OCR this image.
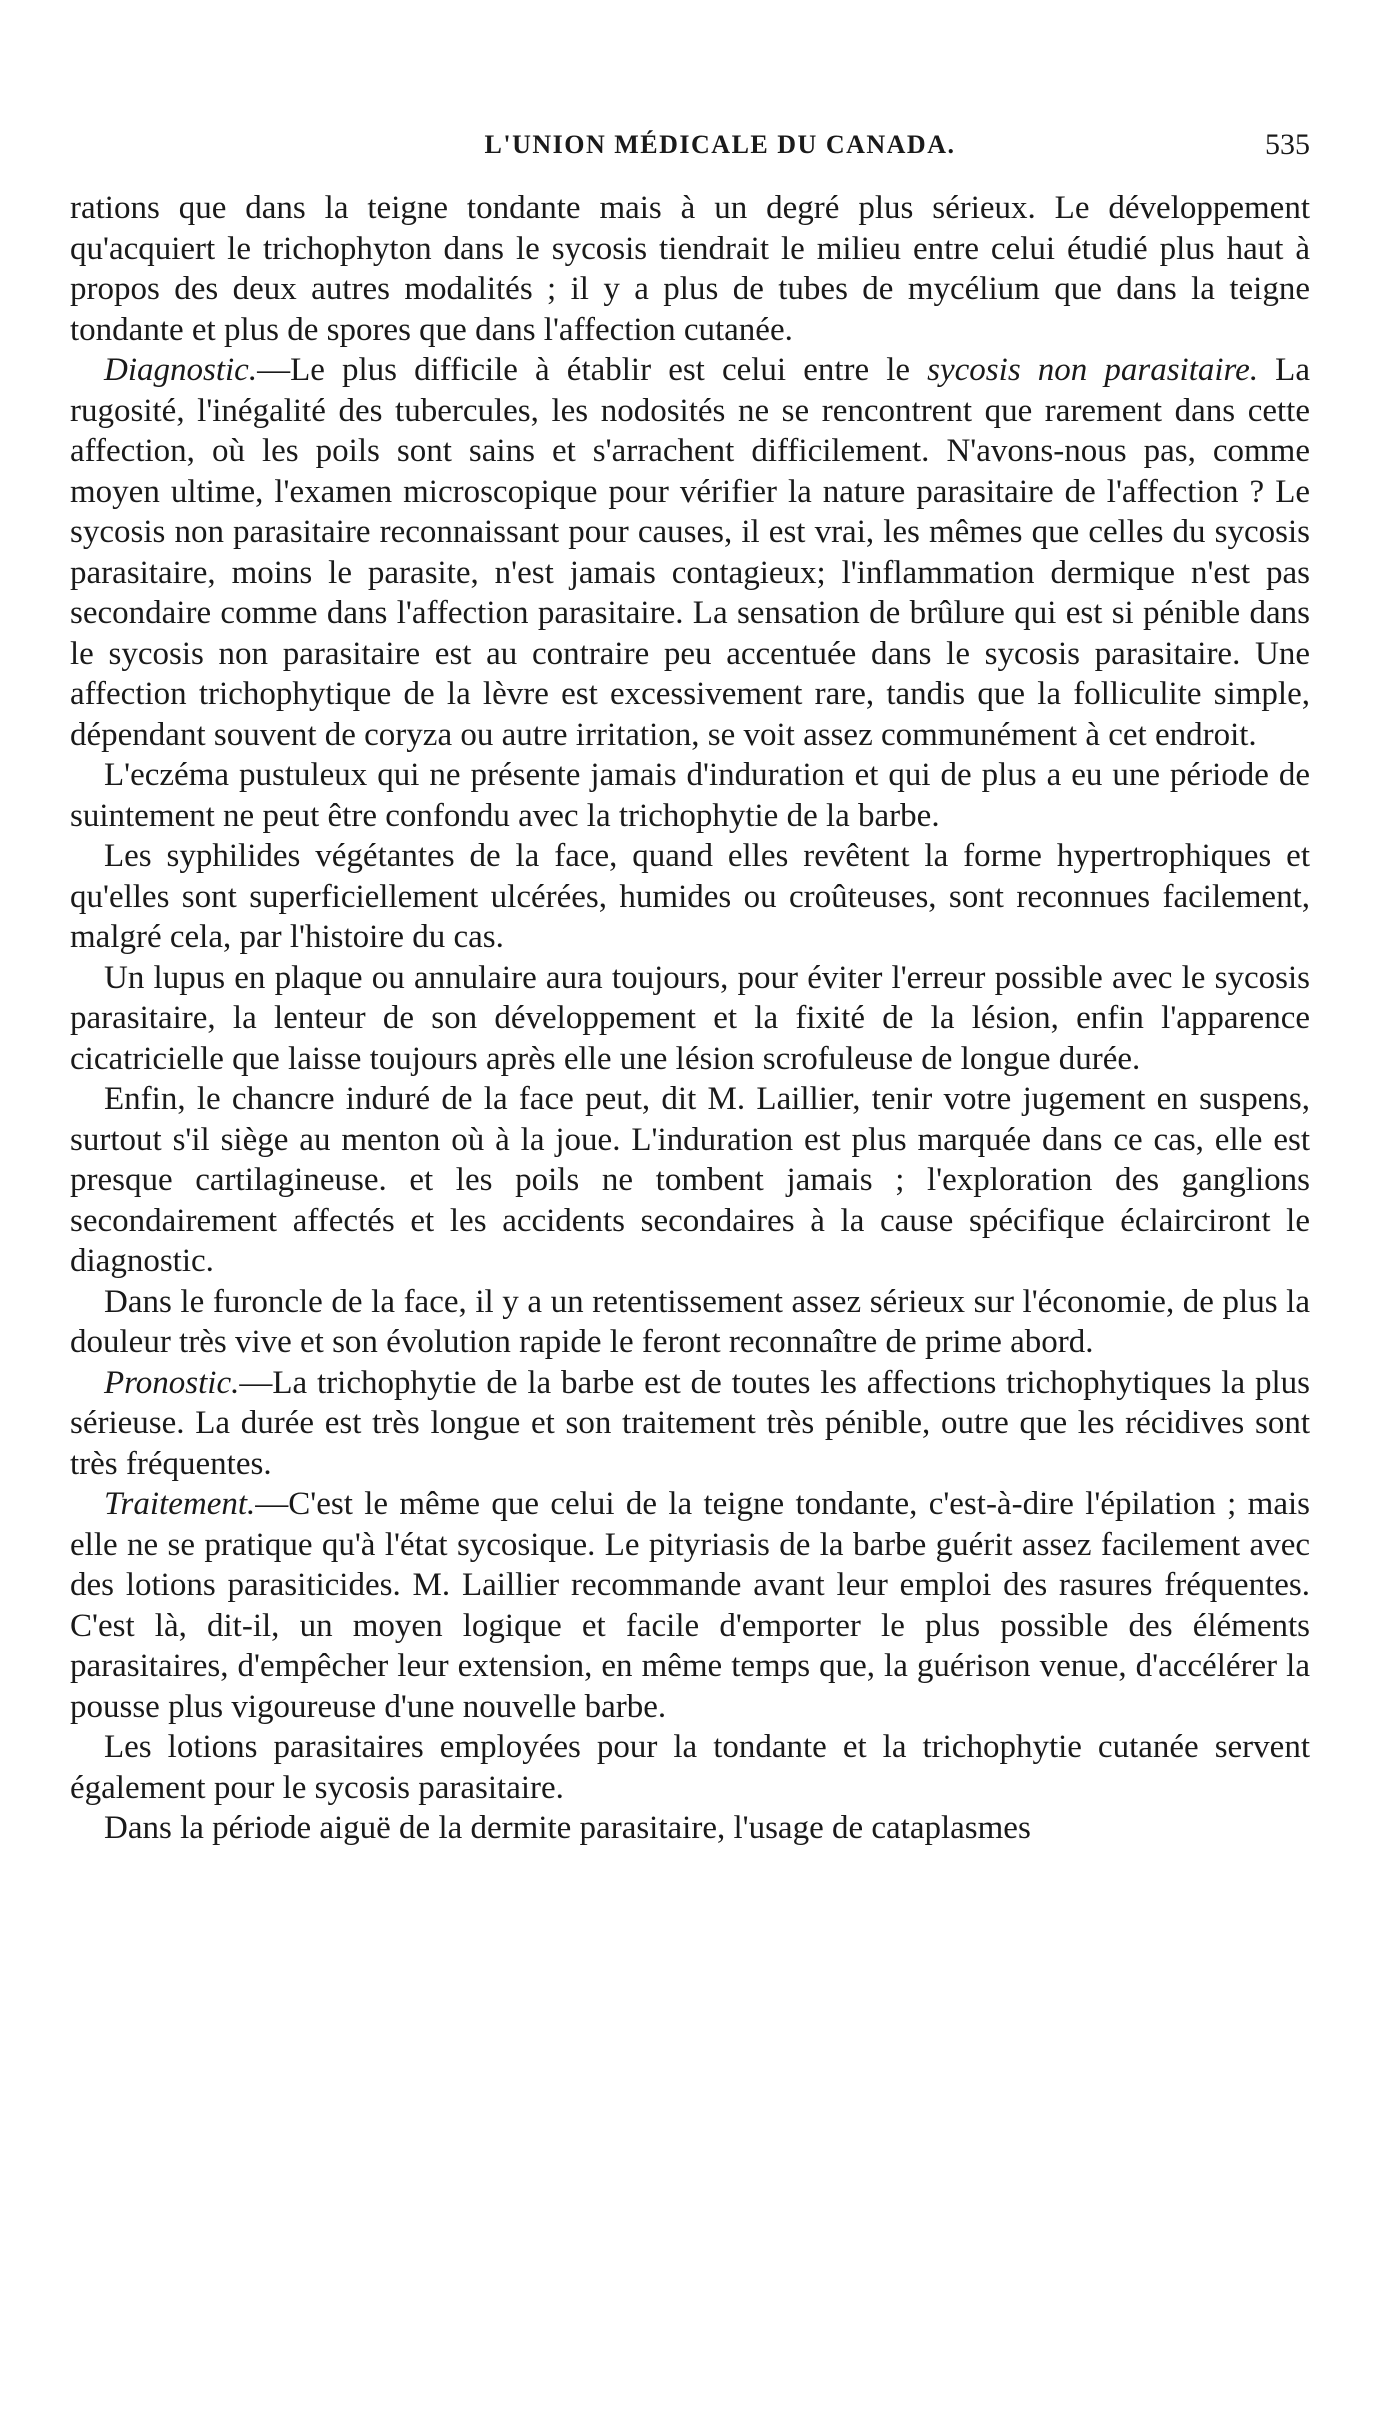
L'UNION MÉDICALE DU CANADA.	535

rations que dans la teigne tondante mais à un degré plus sérieux. Le développement qu'acquiert le trichophyton dans le sycosis tiendrait le milieu entre celui étudié plus haut à propos des deux autres modalités ; il y a plus de tubes de mycélium que dans la teigne tondante et plus de spores que dans l'affection cutanée.

Diagnostic.—Le plus difficile à établir est celui entre le sycosis non parasitaire. La rugosité, l'inégalité des tubercules, les nodosités ne se rencontrent que rarement dans cette affection, où les poils sont sains et s'arrachent difficilement. N'avons-nous pas, comme moyen ultime, l'examen microscopique pour vérifier la nature parasitaire de l'affection ? Le sycosis non parasitaire reconnaissant pour causes, il est vrai, les mêmes que celles du sycosis parasitaire, moins le parasite, n'est jamais contagieux; l'inflammation dermique n'est pas secondaire comme dans l'affection parasitaire. La sensation de brûlure qui est si pénible dans le sycosis non parasitaire est au contraire peu accentuée dans le sycosis parasitaire. Une affection trichophytique de la lèvre est excessivement rare, tandis que la folliculite simple, dépendant souvent de coryza ou autre irritation, se voit assez communément à cet endroit.

L'eczéma pustuleux qui ne présente jamais d'induration et qui de plus a eu une période de suintement ne peut être confondu avec la trichophytie de la barbe.

Les syphilides végétantes de la face, quand elles revêtent la forme hypertrophiques et qu'elles sont superficiellement ulcérées, humides ou croûteuses, sont reconnues facilement, malgré cela, par l'histoire du cas.

Un lupus en plaque ou annulaire aura toujours, pour éviter l'erreur possible avec le sycosis parasitaire, la lenteur de son développement et la fixité de la lésion, enfin l'apparence cicatricielle que laisse toujours après elle une lésion scrofuleuse de longue durée.

Enfin, le chancre induré de la face peut, dit M. Laillier, tenir votre jugement en suspens, surtout s'il siège au menton où à la joue. L'induration est plus marquée dans ce cas, elle est presque cartilagineuse. et les poils ne tombent jamais ; l'exploration des ganglions secondairement affectés et les accidents secondaires à la cause spécifique éclairciront le diagnostic.

Dans le furoncle de la face, il y a un retentissement assez sérieux sur l'économie, de plus la douleur très vive et son évolution rapide le feront reconnaître de prime abord.

Pronostic.—La trichophytie de la barbe est de toutes les affections trichophytiques la plus sérieuse. La durée est très longue et son traitement très pénible, outre que les récidives sont très fréquentes.

Traitement.—C'est le même que celui de la teigne tondante, c'est-à-dire l'épilation ; mais elle ne se pratique qu'à l'état sycosique. Le pityriasis de la barbe guérit assez facilement avec des lotions parasiticides. M. Laillier recommande avant leur emploi des rasures fréquentes. C'est là, dit-il, un moyen logique et facile d'emporter le plus possible des éléments parasitaires, d'empêcher leur extension, en même temps que, la guérison venue, d'accélérer la pousse plus vigoureuse d'une nouvelle barbe.

Les lotions parasitaires employées pour la tondante et la trichophytie cutanée servent également pour le sycosis parasitaire.

Dans la période aiguë de la dermite parasitaire, l'usage de cataplasmes
